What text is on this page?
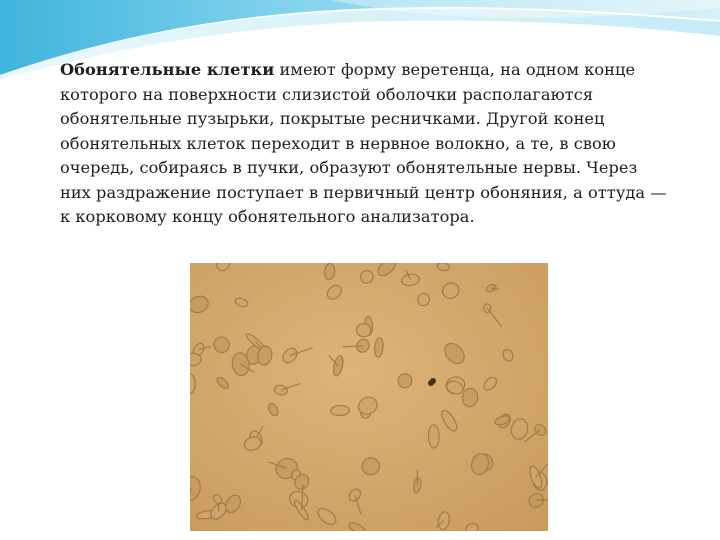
Обонятельные клетки имеют форму веретенца, на одном конце которого на поверхности слизистой оболочки располагаются обонятельные пузырьки, покрытые ресничками. Другой конец обонятельных клеток переходит в нервное волокно, а те, в свою очередь, собираясь в пучки, образуют обонятельные нервы. Через них раздражение поступает в первичный центр обоняния, а оттуда — к корковому концу обонятельного анализатора.
